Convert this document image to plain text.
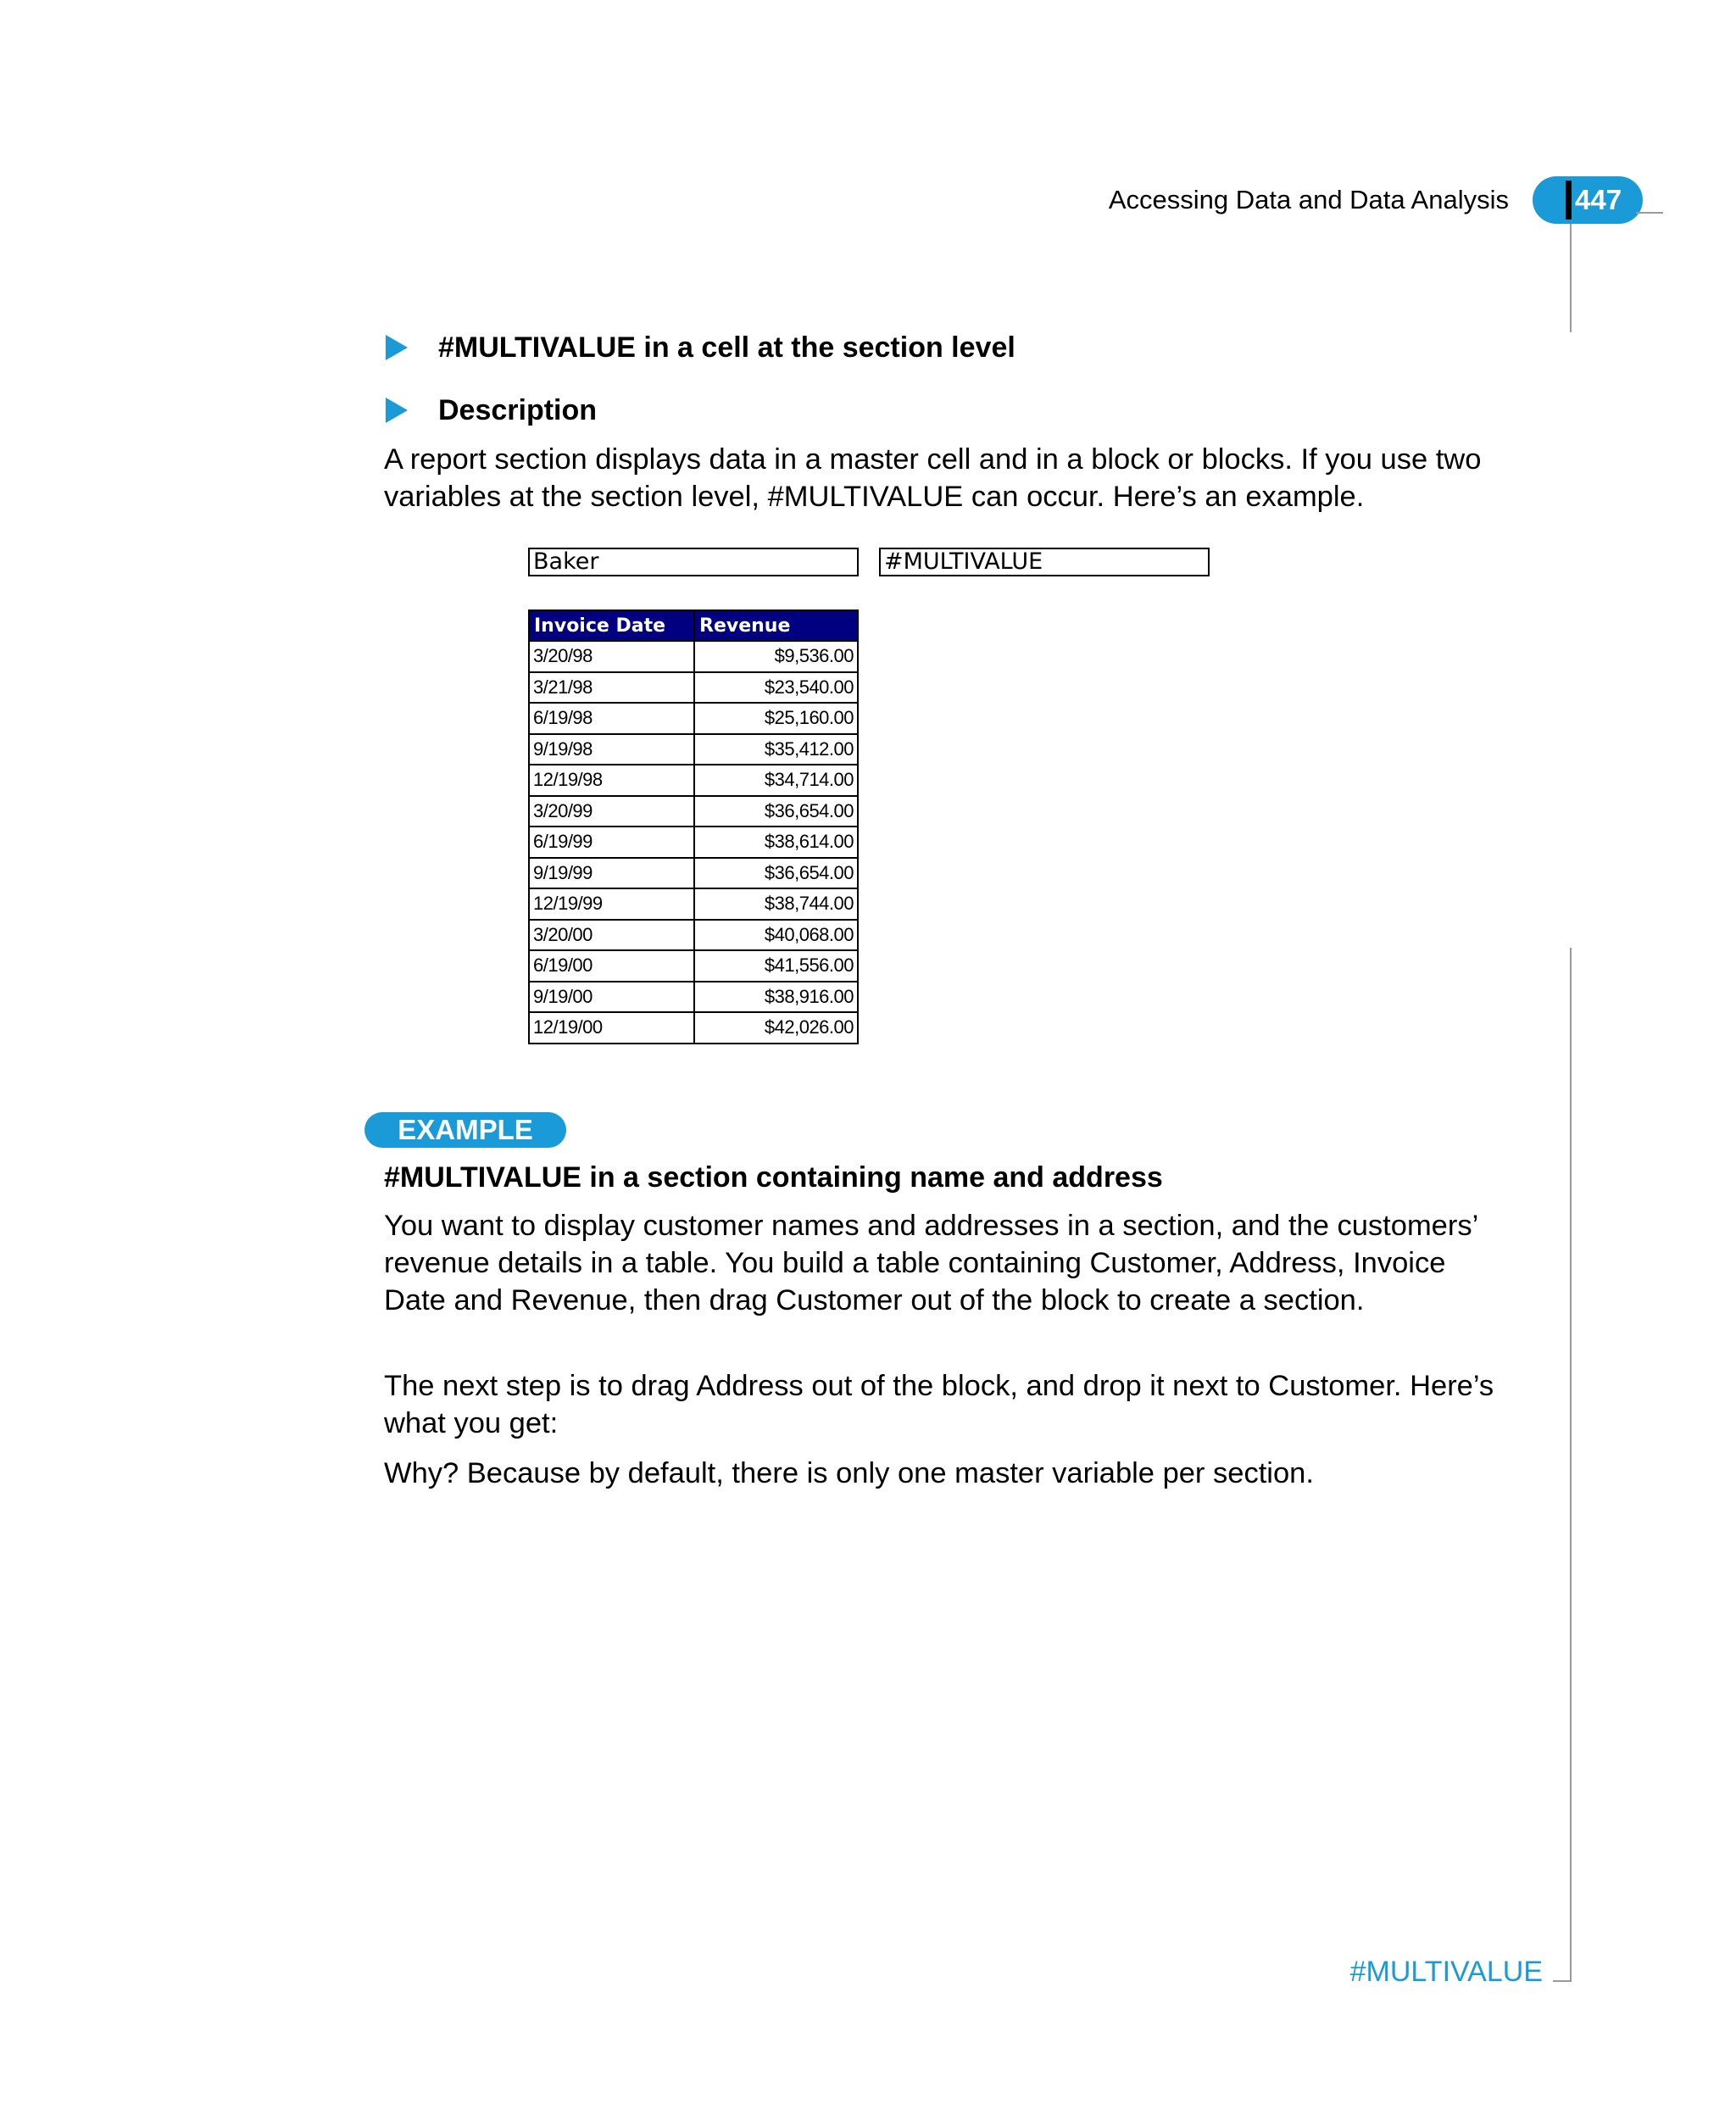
Accessing Data and Data Analysis 447
#MULTIVALUE in a cell at the section level
Description

A report section displays data in a master cell and in a block or blocks. If you use two variables at the section level, #MULTIVALUE can occur. Here’s an example.

Baker	#MULTIVALUE
Invoice Date	Revenue
3/20/98	$9,536.00
3/21/98	$23,540.00
6/19/98	$25,160.00
9/19/98	$35,412.00
12/19/98	$34,714.00
3/20/99	$36,654.00
6/19/99	$38,614.00
9/19/99	$36,654.00
12/19/99	$38,744.00
3/20/00	$40,068.00
6/19/00	$41,556.00
9/19/00	$38,916.00
12/19/00	$42,026.00
EXAMPLE
#MULTIVALUE in a section containing name and address

You want to display customer names and addresses in a section, and the customers’ revenue details in a table. You build a table containing Customer, Address, Invoice Date and Revenue, then drag Customer out of the block to create a section.

The next step is to drag Address out of the block, and drop it next to Customer. Here’s what you get:

Why? Because by default, there is only one master variable per section.

#MULTIVALUE
